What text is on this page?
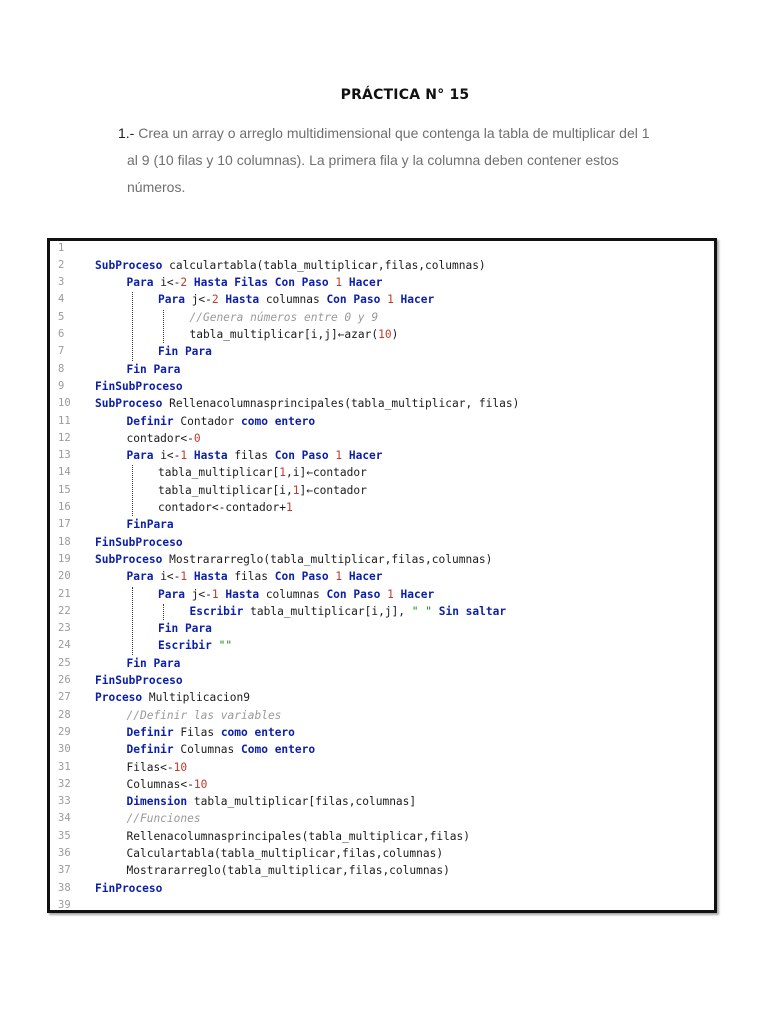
PRÁCTICA N° 15
1.- Crea un array o arreglo multidimensional que contenga la tabla de multiplicar del 1
al 9 (10 filas y 10 columnas). La primera fila y la columna deben contener estos
números.
1
2	SubProceso calculartabla(tabla_multiplicar,filas,columnas)
3	Para i<-2 Hasta Filas Con Paso 1 Hacer
4	Para j<-2 Hasta columnas Con Paso 1 Hacer
5	//Genera números entre 0 y 9
6	tabla_multiplicar[i,j]←azar(10)
7	Fin Para
8	Fin Para
9	FinSubProceso
10	SubProceso Rellenacolumnasprincipales(tabla_multiplicar, filas)
11	Definir Contador como entero
12	contador<-0
13	Para i<-1 Hasta filas Con Paso 1 Hacer
14	tabla_multiplicar[1,i]←contador
15	tabla_multiplicar[i,1]←contador
16	contador<-contador+1
17	FinPara
18	FinSubProceso
19	SubProceso Mostrararreglo(tabla_multiplicar,filas,columnas)
20	Para i<-1 Hasta filas Con Paso 1 Hacer
21	Para j<-1 Hasta columnas Con Paso 1 Hacer
22	Escribir tabla_multiplicar[i,j], " " Sin saltar
23	Fin Para
24	Escribir ""
25	Fin Para
26	FinSubProceso
27	Proceso Multiplicacion9
28	//Definir las variables
29	Definir Filas como entero
30	Definir Columnas Como entero
31	Filas<-10
32	Columnas<-10
33	Dimension tabla_multiplicar[filas,columnas]
34	//Funciones
35	Rellenacolumnasprincipales(tabla_multiplicar,filas)
36	Calculartabla(tabla_multiplicar,filas,columnas)
37	Mostrararreglo(tabla_multiplicar,filas,columnas)
38	FinProceso
39
